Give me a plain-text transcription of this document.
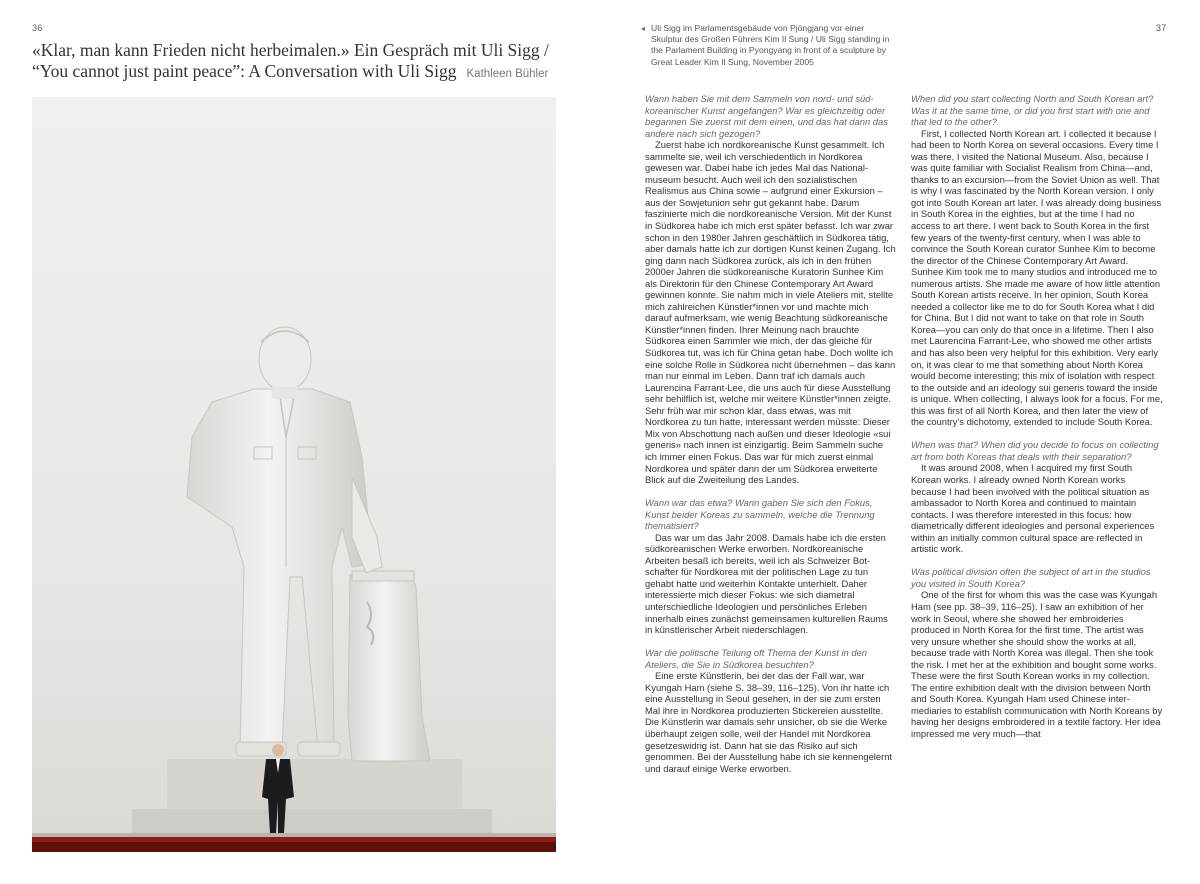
36	37
«Klar, man kann Frieden nicht herbeimalen.» Ein Gespräch mit Uli Sigg /
“You cannot just paint peace”: A Conversation with Uli Sigg Kathleen Bühler
◂ Uli Sigg im Parlamentsgebäude von Pjöngjang vor einer Skulptur des Großen Führers Kim Il Sung / Uli Sigg standing in the Parlament Building in Pyongyang in front of a sculpture by Great Leader Kim Il Sung, November 2005

Wann haben Sie mit dem Sammeln von nord- und südkoreanischer Kunst angefangen? War es gleichzeitig oder begannen Sie zuerst mit dem einen, und das hat dann das andere nach sich gezogen?

Zuerst habe ich nordkoreanische Kunst gesammelt. Ich sammelte sie, weil ich verschiedentlich in Nordkorea gewesen war. Dabei habe ich jedes Mal das Nationalmuseum besucht. Auch weil ich den sozialistischen Realismus aus China sowie – aufgrund einer Exkursion – aus der Sowjetunion sehr gut gekannt habe. Darum faszinierte mich die nordkoreanische Version. Mit der Kunst in Südkorea habe ich mich erst später befasst. Ich war zwar schon in den 1980er Jahren geschäftlich in Südkorea tätig, aber damals hatte ich zur dortigen Kunst keinen Zugang. Ich ging dann nach Südkorea zurück, als ich in den frühen 2000er Jahren die südkoreanische Kuratorin Sunhee Kim als Direktorin für den Chinese Contemporary Art Award gewinnen konnte. Sie nahm mich in viele Ateliers mit, stellte mich zahlreichen Künstler*innen vor und machte mich darauf aufmerksam, wie wenig Beachtung südkoreanische Künstler*innen finden. Ihrer Meinung nach brauchte Südkorea einen Sammler wie mich, der das gleiche für Südkorea tut, was ich für China getan habe. Doch wollte ich eine solche Rolle in Südkorea nicht übernehmen – das kann man nur einmal im Leben. Dann traf ich damals auch Laurencina Farrant-Lee, die uns auch für diese Ausstellung sehr behilflich ist, welche mir weitere Künstler*innen zeigte. Sehr früh war mir schon klar, dass etwas, was mit Nordkorea zu tun hatte, interessant werden müsste: Dieser Mix von Abschottung nach außen und dieser Ideologie «sui generis» nach innen ist einzigartig. Beim Sammeln suche ich immer einen Fokus. Das war für mich zuerst einmal Nordkorea und später dann der um Südkorea erweiterte Blick auf die Zweiteilung des Landes.

Wann war das etwa? Wann gaben Sie sich den Fokus, Kunst beider Koreas zu sammeln, welche die Trennung thematisiert?

Das war um das Jahr 2008. Damals habe ich die ersten südkoreanischen Werke erworben. Nordkoreanische Arbeiten besaß ich bereits, weil ich als Schweizer Botschafter für Nordkorea mit der politischen Lage zu tun gehabt hatte und weiterhin Kontakte unterhielt. Daher interessierte mich dieser Fokus: wie sich diametral unterschiedliche Ideologien und persönliches Erleben innerhalb eines zunächst gemeinsamen kulturellen Raums in künstlerischer Arbeit niederschlagen.

War die politische Teilung oft Thema der Kunst in den Ateliers, die Sie in Südkorea besuchten?

Eine erste Künstlerin, bei der das der Fall war, war Kyungah Ham (siehe S. 38–39, 116–125). Von ihr hatte ich eine Ausstellung in Seoul gesehen, in der sie zum ersten Mal ihre in Nordkorea produzierten Stickereien ausstellte. Die Künstlerin war damals sehr unsicher, ob sie die Werke überhaupt zeigen solle, weil der Handel mit Nordkorea gesetzeswidrig ist. Dann hat sie das Risiko auf sich genommen. Bei der Ausstellung habe ich sie kennengelernt und darauf einige Werke erworben.

When did you start collecting North and South Korean art? Was it at the same time, or did you first start with one and that led to the other?

First, I collected North Korean art. I collected it because I had been to North Korea on several occasions. Every time I was there, I visited the National Museum. Also, because I was quite familiar with Socialist Realism from China—and, thanks to an excursion—from the Soviet Union as well. That is why I was fascinated by the North Korean version. I only got into South Korean art later. I was already doing business in South Korea in the eighties, but at the time I had no access to art there. I went back to South Korea in the first few years of the twenty-first century, when I was able to convince the South Korean curator Sunhee Kim to become the director of the Chinese Contemporary Art Award. Sunhee Kim took me to many studios and introduced me to numerous artists. She made me aware of how little attention South Korean artists receive. In her opinion, South Korea needed a collector like me to do for South Korea what I did for China. But I did not want to take on that role in South Korea—you can only do that once in a lifetime. Then I also met Laurencina Farrant-Lee, who showed me other artists and has also been very helpful for this exhibition. Very early on, it was clear to me that something about North Korea would become interesting; this mix of isolation with respect to the outside and an ideology sui generis toward the inside is unique. When collecting, I always look for a focus. For me, this was first of all North Korea, and then later the view of the country’s dichotomy, extended to include South Korea.

When was that? When did you decide to focus on collecting art from both Koreas that deals with their separation?

It was around 2008, when I acquired my first South Korean works. I already owned North Korean works because I had been involved with the political situation as ambassador to North Korea and continued to maintain contacts. I was therefore interested in this focus: how diametrically different ideologies and personal experiences within an initially common cultural space are reflected in artistic work.

Was political division often the subject of art in the studios you visited in South Korea?

One of the first for whom this was the case was Kyungah Ham (see pp. 38–39, 116–25). I saw an exhibition of her work in Seoul, where she showed her embroideries produced in North Korea for the first time. The artist was very unsure whether she should show the works at all, because trade with North Korea was illegal. Then she took the risk. I met her at the exhibition and bought some works. These were the first South Korean works in my collection. The entire exhibition dealt with the division between North and South Korea. Kyungah Ham used Chinese intermediaries to establish communication with North Koreans by having her designs embroidered in a textile factory. Her idea impressed me very much—that
